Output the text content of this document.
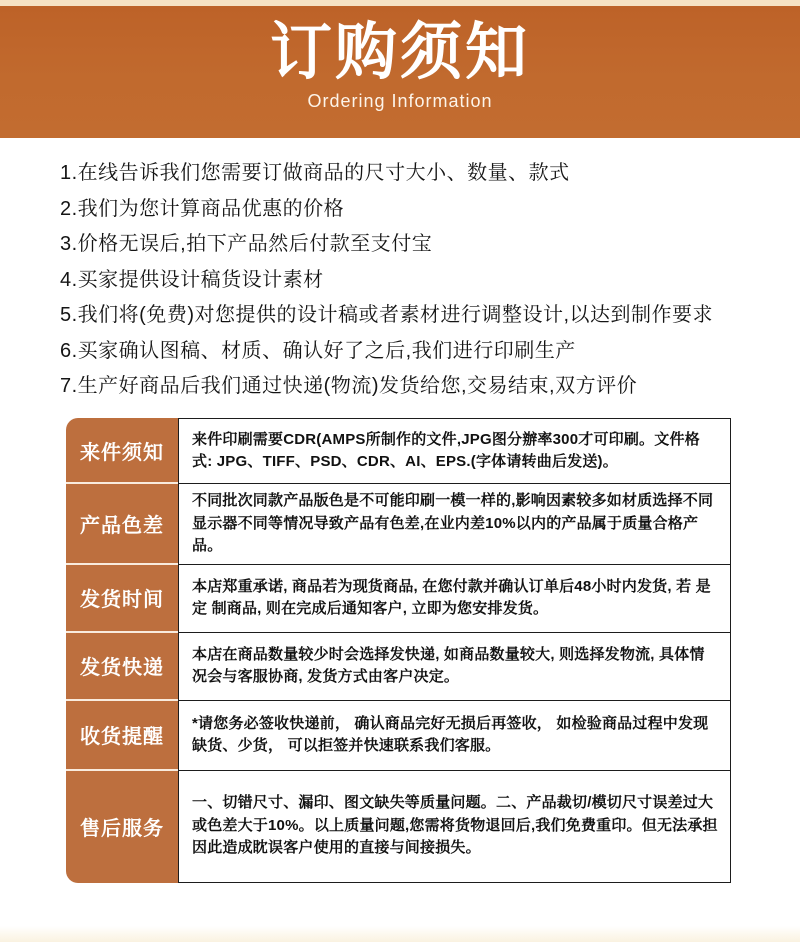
订购须知
Ordering Information
1.在线告诉我们您需要订做商品的尺寸大小、数量、款式
2.我们为您计算商品优惠的价格
3.价格无误后,拍下产品然后付款至支付宝
4.买家提供设计稿货设计素材
5.我们将(免费)对您提供的设计稿或者素材进行调整设计,以达到制作要求
6.买家确认图稿、材质、确认好了之后,我们进行印刷生产
7.生产好商品后我们通过快递(物流)发货给您,交易结束,双方评价
来件须知
来件印刷需要CDR(AMPS所制作的文件,JPG图分辦率300才可印刷。文件格式: JPG、TIFF、PSD、CDR、AI、EPS.(字体请转曲后发送)。
产品色差
不同批次同款产品版色是不可能印刷一模一样的,影响因素较多如材质选择不同显示器不同等情况导致产品有色差,在业内差10%以内的产品属于质量合格产品。
发货时间
本店郑重承诺, 商品若为现货商品, 在您付款并确认订单后48小时内发货, 若 是定 制商品, 则在完成后通知客户, 立即为您安排发货。
发货快递
本店在商品数量较少时会选择发快递, 如商品数量较大, 则选择发物流, 具体情况会与客服协商, 发货方式由客户决定。
收货提醒
*请您务必签收快递前， 确认商品完好无损后再签收， 如检验商品过程中发现缺货、少货， 可以拒签并快速联系我们客服。
售后服务
一、切错尺寸、漏印、图文缺失等质量问题。二、产品裁切/模切尺寸误差过大或色差大于10%。以上质量问题,您需将货物退回后,我们免费重印。但无法承担因此造成眈误客户使用的直接与间接损失。
